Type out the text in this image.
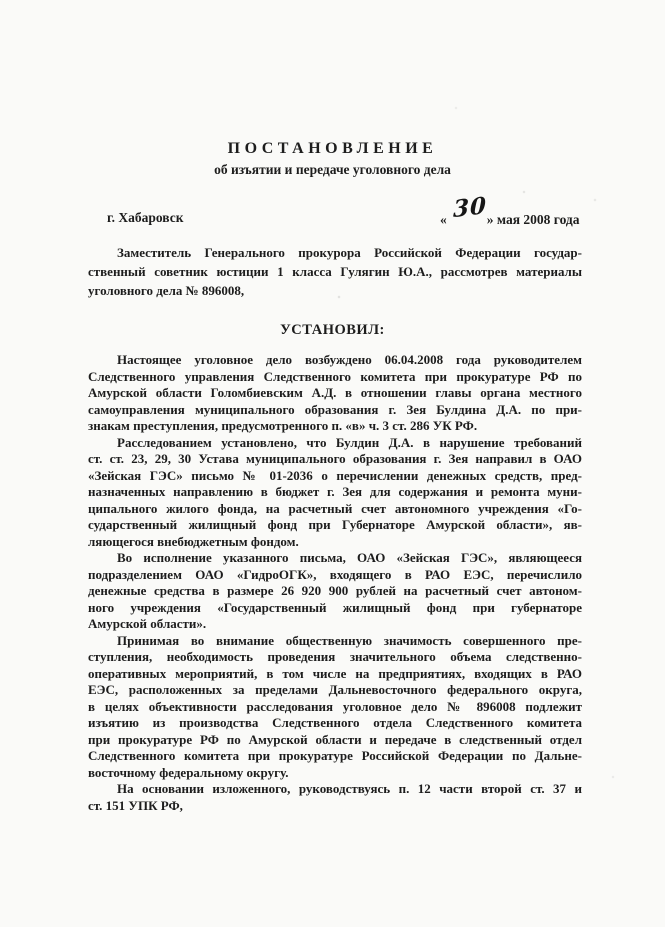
ПОСТАНОВЛЕНИЕ
об изъятии и передаче уголовного дела
г. Хабаровск	« 30 » мая 2008 года
Заместитель Генерального прокурора Российской Федерации государ-
ственный советник юстиции 1 класса Гулягин Ю.А., рассмотрев материалы
уголовного дела № 896008,
УСТАНОВИЛ:
Настоящее уголовное дело возбуждено 06.04.2008 года руководителем
Следственного управления Следственного комитета при прокуратуре РФ по
Амурской области Голомбиевским А.Д. в отношении главы органа местного
самоуправления муниципального образования г. Зея Булдина Д.А. по при-
знакам преступления, предусмотренного п. «в» ч. 3 ст. 286 УК РФ.
Расследованием установлено, что Булдин Д.А. в нарушение требований
ст. ст. 23, 29, 30 Устава муниципального образования г. Зея направил в ОАО
«Зейская ГЭС» письмо № 01-2036 о перечислении денежных средств, пред-
назначенных направлению в бюджет г. Зея для содержания и ремонта муни-
ципального жилого фонда, на расчетный счет автономного учреждения «Го-
сударственный жилищный фонд при Губернаторе Амурской области», яв-
ляющегося внебюджетным фондом.
Во исполнение указанного письма, ОАО «Зейская ГЭС», являющееся
подразделением ОАО «ГидроОГК», входящего в РАО ЕЭС, перечислило
денежные средства в размере 26 920 900 рублей на расчетный счет автоном-
ного учреждения «Государственный жилищный фонд при губернаторе
Амурской области».
Принимая во внимание общественную значимость совершенного пре-
ступления, необходимость проведения значительного объема следственно-
оперативных мероприятий, в том числе на предприятиях, входящих в РАО
ЕЭС, расположенных за пределами Дальневосточного федерального округа,
в целях объективности расследования уголовное дело № 896008 подлежит
изъятию из производства Следственного отдела Следственного комитета
при прокуратуре РФ по Амурской области и передаче в следственный отдел
Следственного комитета при прокуратуре Российской Федерации по Дальне-
восточному федеральному округу.
На основании изложенного, руководствуясь п. 12 части второй ст. 37 и
ст. 151 УПК РФ,
